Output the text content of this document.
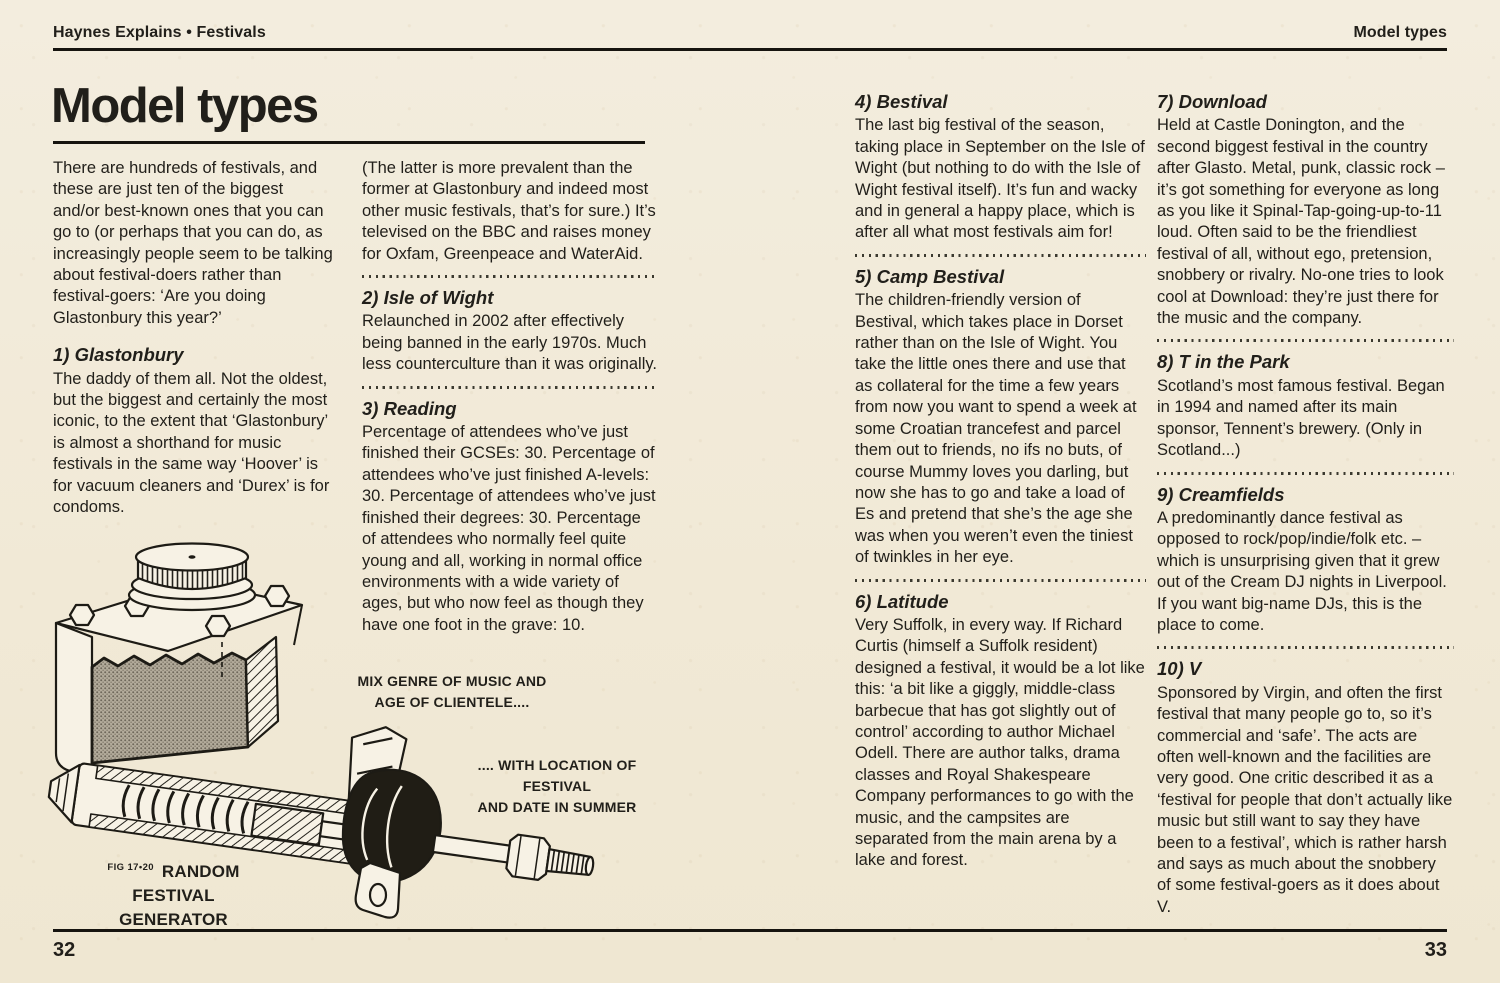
Haynes Explains • Festivals	Model types
Model types

There are hundreds of festivals, and these are just ten of the biggest and/or best-known ones that you can go to (or perhaps that you can do, as increasingly people seem to be talking about festival-doers rather than festival-goers: ‘Are you doing Glastonbury this year?’

1) Glastonbury

The daddy of them all. Not the oldest, but the biggest and certainly the most iconic, to the extent that ‘Glastonbury’ is almost a shorthand for music festivals in the same way ‘Hoover’ is for vacuum cleaners and ‘Durex’ is for condoms.

(The latter is more prevalent than the former at Glastonbury and indeed most other music festivals, that’s for sure.) It’s televised on the BBC and raises money for Oxfam, Greenpeace and WaterAid.

2) Isle of Wight

Relaunched in 2002 after effectively being banned in the early 1970s. Much less counterculture than it was originally.

3) Reading

Percentage of attendees who’ve just finished their GCSEs: 30. Percentage of attendees who’ve just finished A-levels: 30. Percentage of attendees who’ve just finished their degrees: 30. Percentage of attendees who normally feel quite young and all, working in normal office environments with a wide variety of ages, but who now feel as though they have one foot in the grave: 10.

4) Bestival

The last big festival of the season, taking place in September on the Isle of Wight (but nothing to do with the Isle of Wight festival itself). It’s fun and wacky and in general a happy place, which is after all what most festivals aim for!

5) Camp Bestival

The children-friendly version of Bestival, which takes place in Dorset rather than on the Isle of Wight. You take the little ones there and use that as collateral for the time a few years from now you want to spend a week at some Croatian trancefest and parcel them out to friends, no ifs no buts, of course Mummy loves you darling, but now she has to go and take a load of Es and pretend that she’s the age she was when you weren’t even the tiniest of twinkles in her eye.

6) Latitude

Very Suffolk, in every way. If Richard Curtis (himself a Suffolk resident) designed a festival, it would be a lot like this: ‘a bit like a giggly, middle-class barbecue that has got slightly out of control’ according to author Michael Odell. There are author talks, drama classes and Royal Shakespeare Company performances to go with the music, and the campsites are separated from the main arena by a lake and forest.

7) Download

Held at Castle Donington, and the second biggest festival in the country after Glasto. Metal, punk, classic rock – it’s got something for everyone as long as you like it Spinal-Tap-going-up-to-11 loud. Often said to be the friendliest festival of all, without ego, pretension, snobbery or rivalry. No-one tries to look cool at Download: they’re just there for the music and the company.

8) T in the Park

Scotland’s most famous festival. Began in 1994 and named after its main sponsor, Tennent’s brewery. (Only in Scotland...)

9) Creamfields

A predominantly dance festival as opposed to rock/pop/indie/folk etc. – which is unsurprising given that it grew out of the Cream DJ nights in Liverpool. If you want big-name DJs, this is the place to come.

10) V

Sponsored by Virgin, and often the first festival that many people go to, so it’s commercial and ‘safe’. The acts are often well-known and the facilities are very good. One critic described it as a ‘festival for people that don’t actually like music but still want to say they have been to a festival’, which is rather harsh and says as much about the snobbery of some festival-goers as it does about V.

MIX GENRE OF MUSIC AND
AGE OF CLIENTELE....
.... WITH LOCATION OF FESTIVAL
AND DATE IN SUMMER
$^{FIG 17•20}$ RANDOM FESTIVAL
GENERATOR
32	33
